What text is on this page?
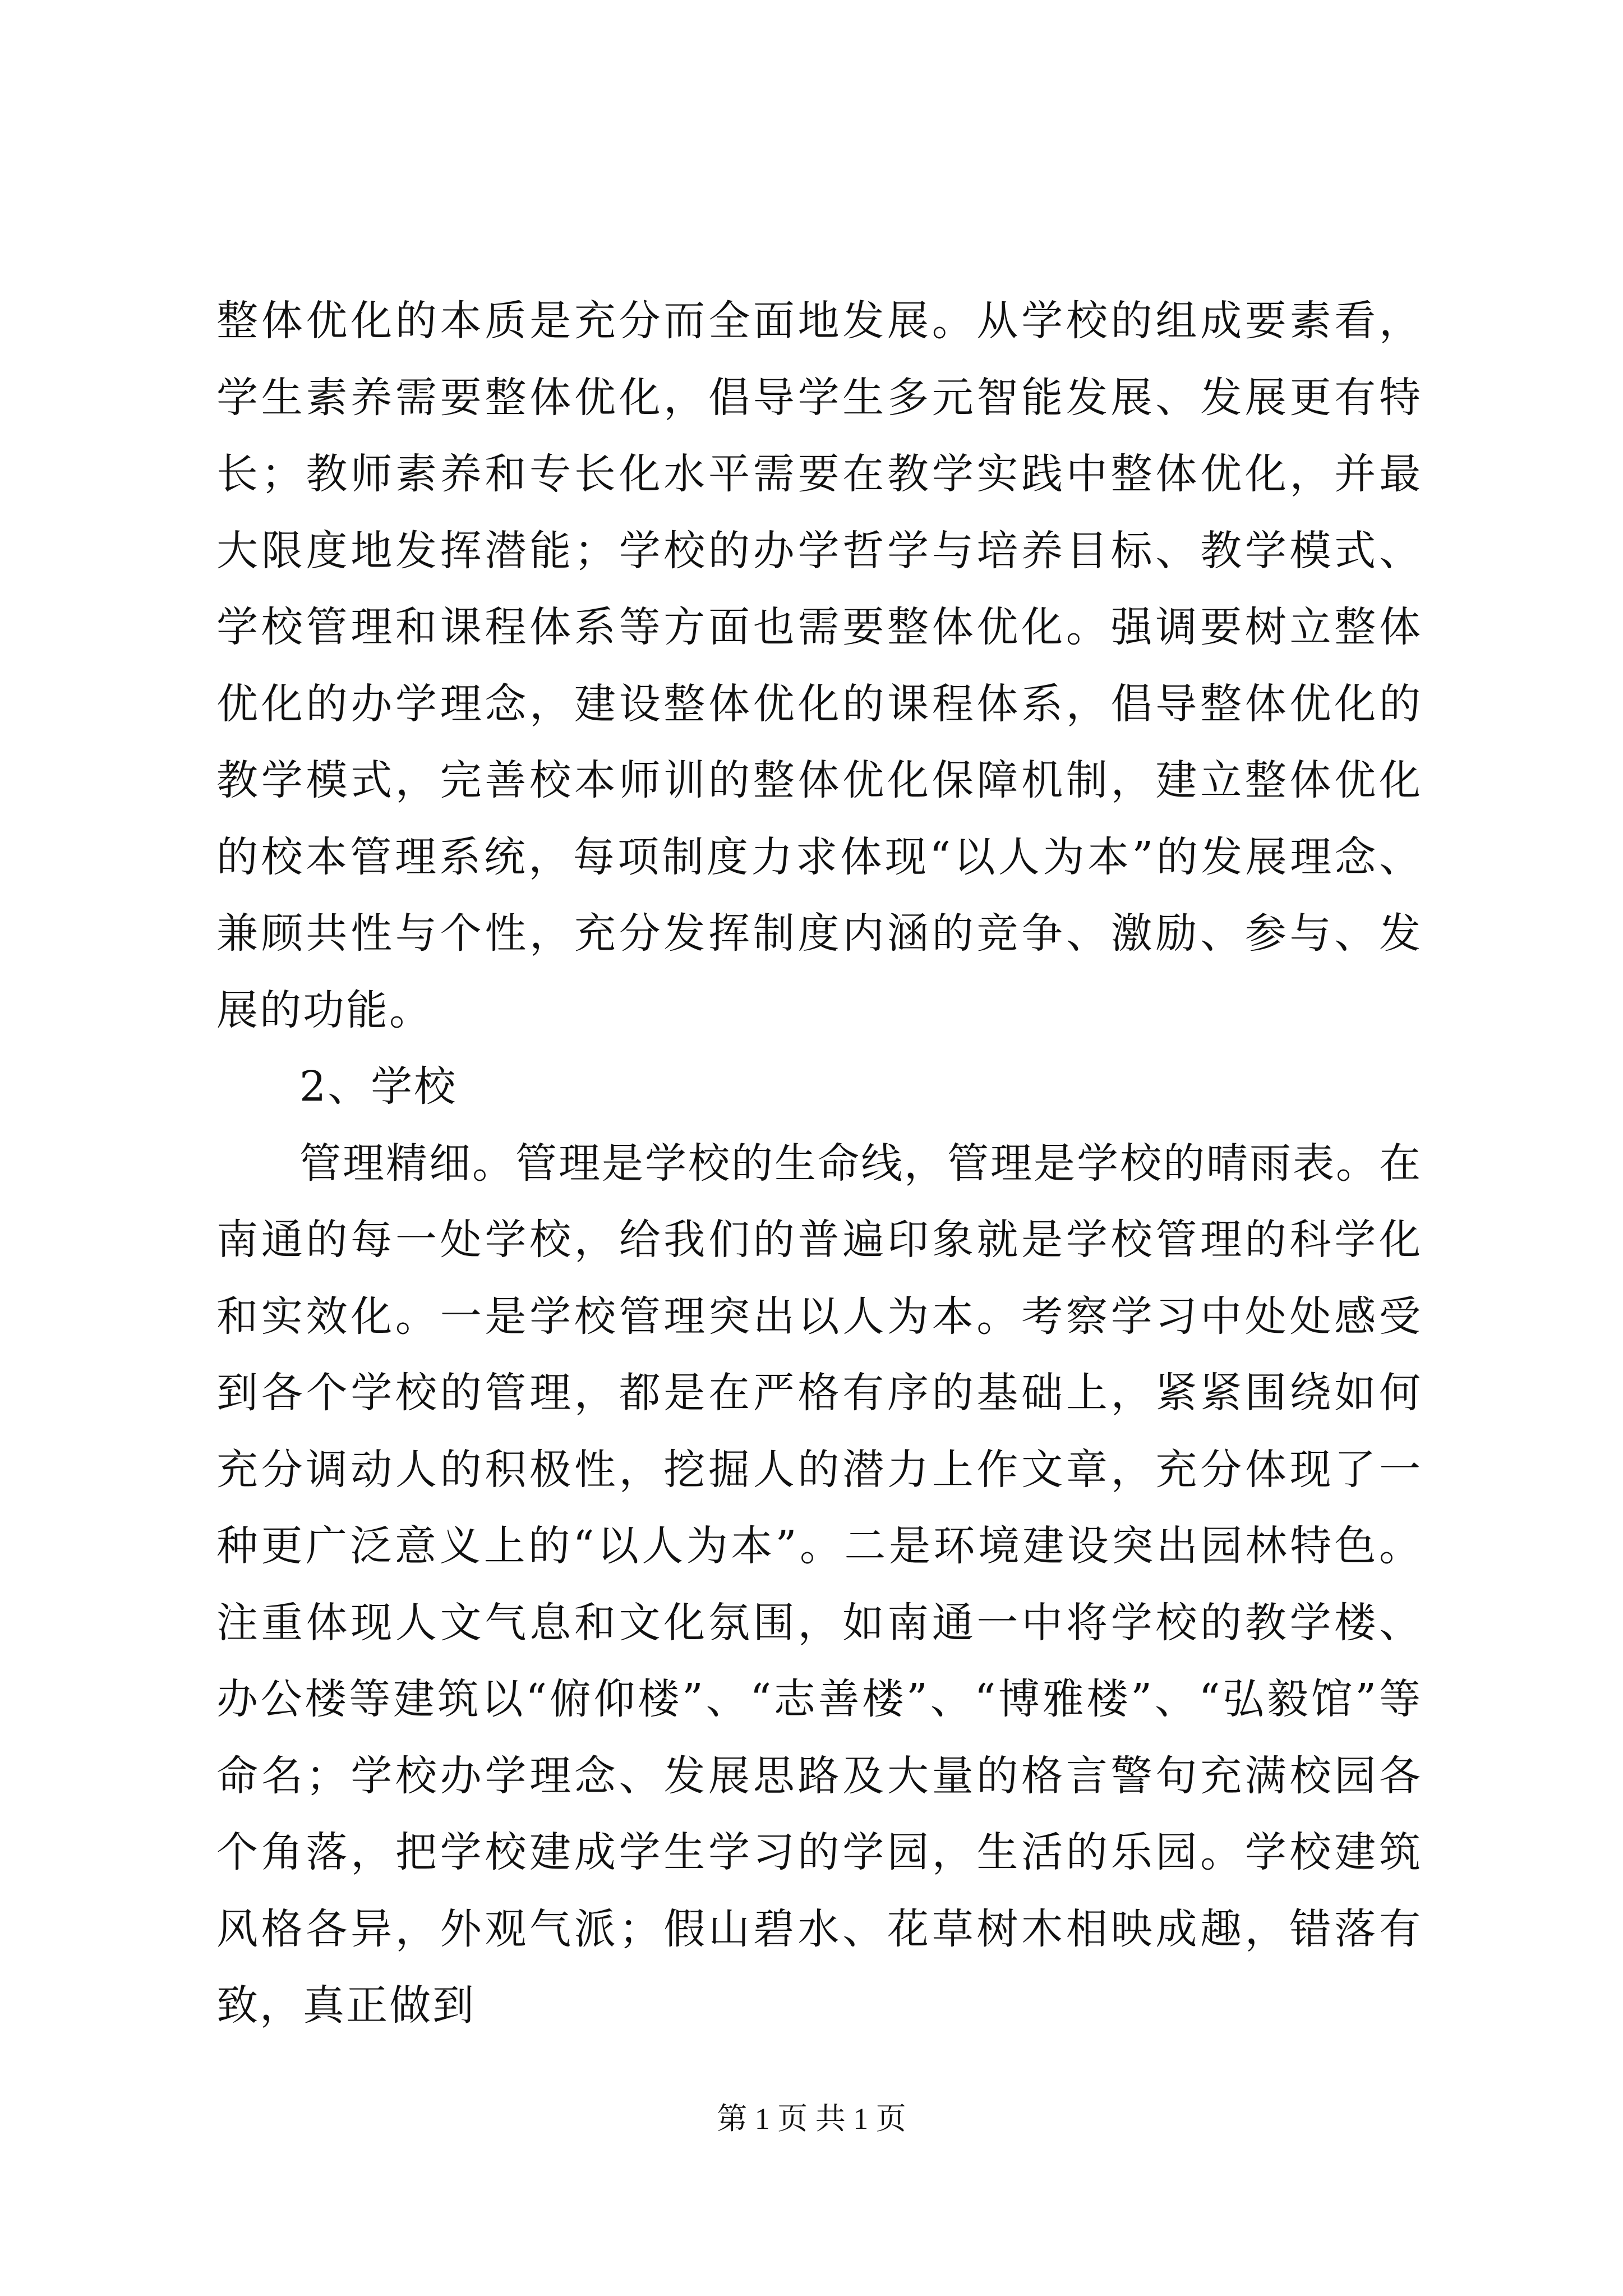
整体优化的本质是充分而全面地发展。从学校的组成要素看，学生素养需要整体优化，倡导学生多元智能发展、发展更有特长；教师素养和专长化水平需要在教学实践中整体优化，并最大限度地发挥潜能；学校的办学哲学与培养目标、教学模式、学校管理和课程体系等方面也需要整体优化。强调要树立整体优化的办学理念，建设整体优化的课程体系，倡导整体优化的教学模式，完善校本师训的整体优化保障机制，建立整体优化的校本管理系统，每项制度力求体现“以人为本”的发展理念、兼顾共性与个性，充分发挥制度内涵的竞争、激励、参与、发展的功能。

2、学校

管理精细。管理是学校的生命线，管理是学校的晴雨表。在南通的每一处学校，给我们的普遍印象就是学校管理的科学化和实效化。一是学校管理突出以人为本。考察学习中处处感受到各个学校的管理，都是在严格有序的基础上，紧紧围绕如何充分调动人的积极性，挖掘人的潜力上作文章，充分体现了一种更广泛意义上的“以人为本”。二是环境建设突出园林特色。注重体现人文气息和文化氛围，如南通一中将学校的教学楼、办公楼等建筑以“俯仰楼”、“志善楼”、“博雅楼”、“弘毅馆”等命名；学校办学理念、发展思路及大量的格言警句充满校园各个角落，把学校建成学生学习的学园，生活的乐园。学校建筑风格各异，外观气派；假山碧水、花草树木相映成趣，错落有致，真正做到

第 1 页 共 1 页
